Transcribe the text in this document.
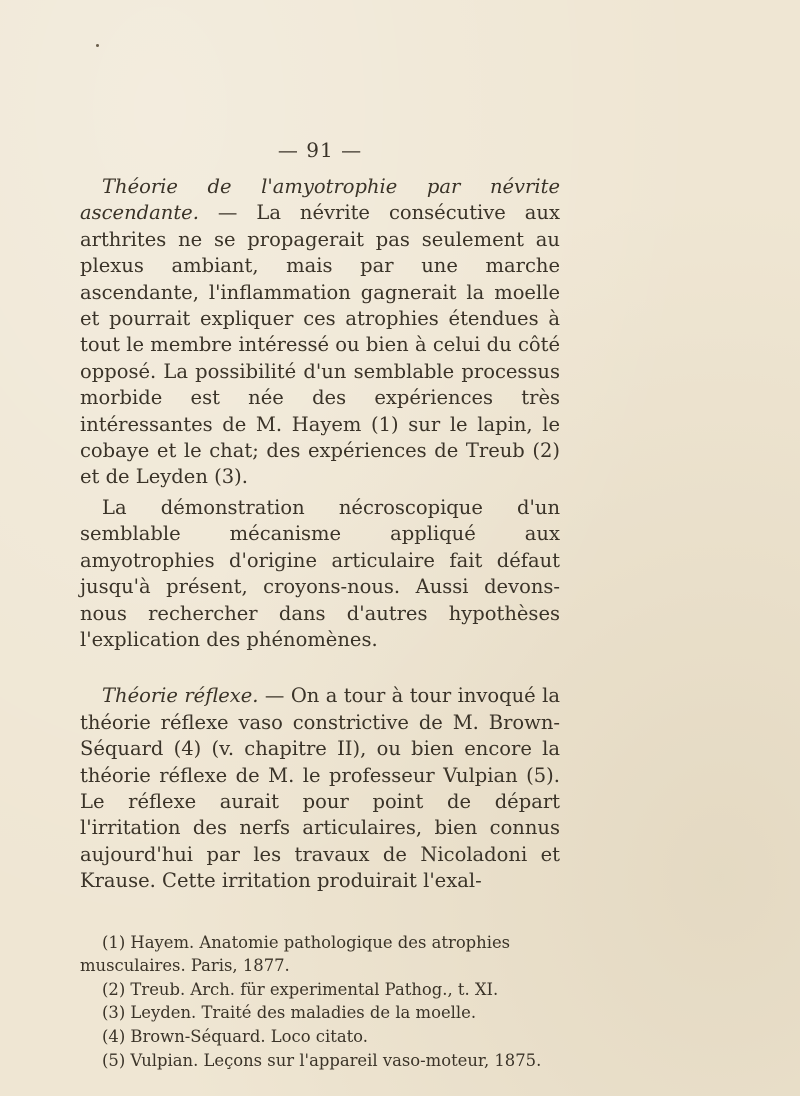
— 91 —

Théorie de l'amyotrophie par névrite ascendante. — La névrite consécutive aux arthrites ne se propagerait pas seulement au plexus ambiant, mais par une marche ascendante, l'inflammation gagnerait la moelle et pourrait expliquer ces atrophies étendues à tout le membre intéressé ou bien à celui du côté opposé. La possibilité d'un semblable processus morbide est née des expériences très intéressantes de M. Hayem (1) sur le lapin, le cobaye et le chat; des expériences de Treub (2) et de Leyden (3).

La démonstration nécroscopique d'un semblable mécanisme appliqué aux amyotrophies d'origine articulaire fait défaut jusqu'à présent, croyons-nous. Aussi devons-nous rechercher dans d'autres hypothèses l'explication des phénomènes.

Théorie réflexe. — On a tour à tour invoqué la théorie réflexe vaso constrictive de M. Brown-Séquard (4) (v. chapitre II), ou bien encore la théorie réflexe de M. le professeur Vulpian (5). Le réflexe aurait pour point de départ l'irritation des nerfs articulaires, bien connus aujourd'hui par les travaux de Nicoladoni et Krause. Cette irritation produirait l'exal-

(1) Hayem. Anatomie pathologique des atrophies musculaires. Paris, 1877.

(2) Treub. Arch. für experimental Pathog., t. XI.

(3) Leyden. Traité des maladies de la moelle.

(4) Brown-Séquard. Loco citato.

(5) Vulpian. Leçons sur l'appareil vaso-moteur, 1875.
